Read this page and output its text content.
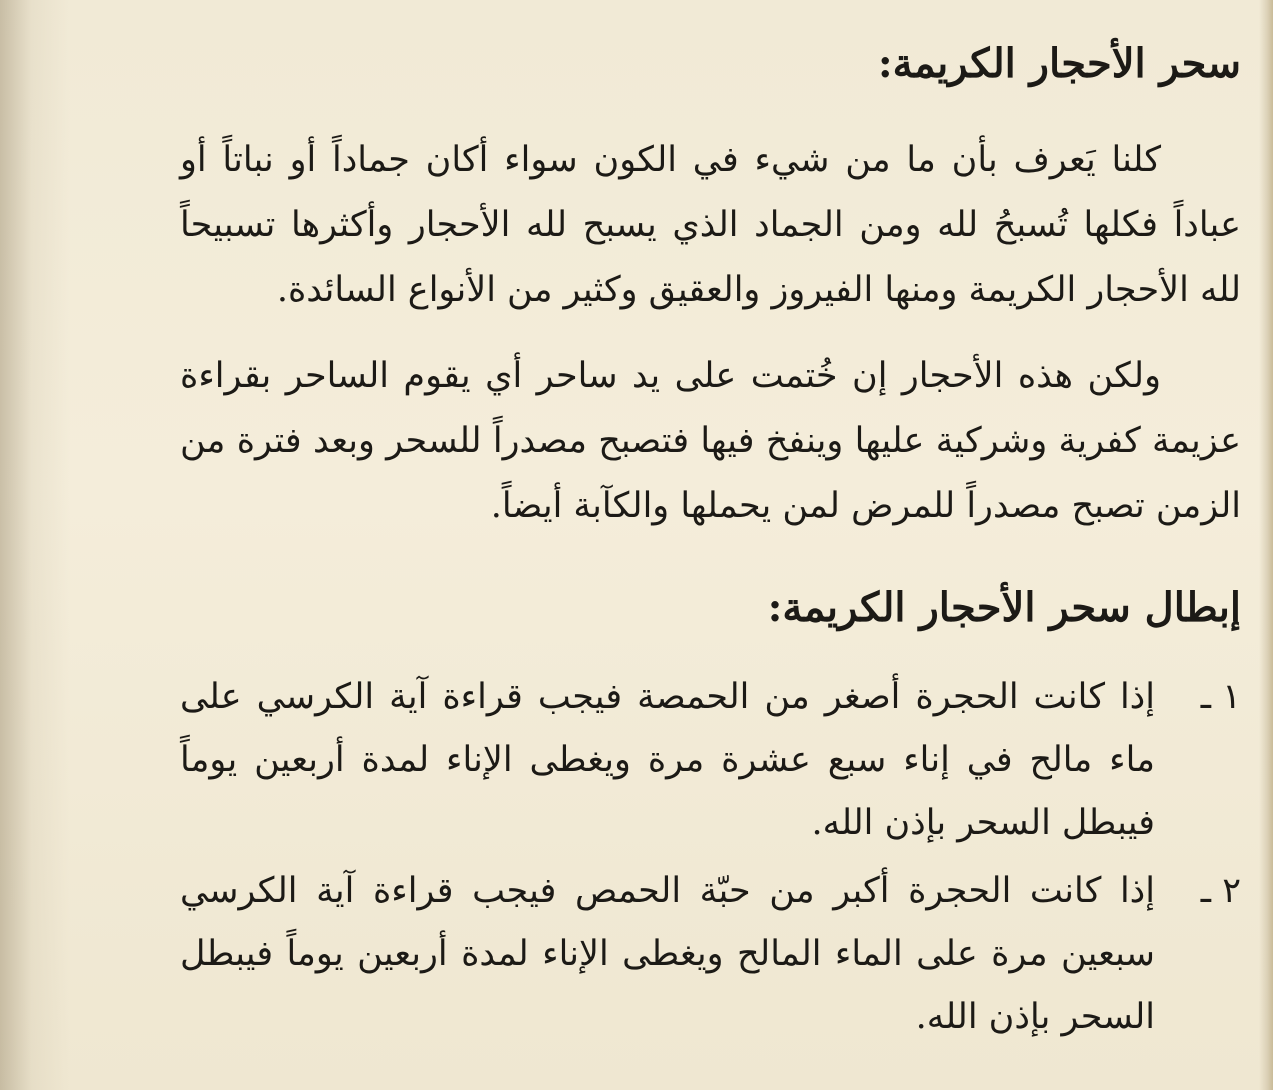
سحر الأحجار الكريمة:

كلنا يَعرف بأن ما من شيء في الكون سواء أكان جماداً أو نباتاً أو عباداً فكلها تُسبحُ لله ومن الجماد الذي يسبح لله الأحجار وأكثرها تسبيحاً لله الأحجار الكريمة ومنها الفيروز والعقيق وكثير من الأنواع السائدة.

ولكن هذه الأحجار إن خُتمت على يد ساحر أي يقوم الساحر بقراءة عزيمة كفرية وشركية عليها وينفخ فيها فتصبح مصدراً للسحر وبعد فترة من الزمن تصبح مصدراً للمرض لمن يحملها والكآبة أيضاً.

إبطال سحر الأحجار الكريمة:
١ ـ
إذا كانت الحجرة أصغر من الحمصة فيجب قراءة آية الكرسي على ماء مالح في إناء سبع عشرة مرة ويغطى الإناء لمدة أربعين يوماً فيبطل السحر بإذن الله.
٢ ـ
إذا كانت الحجرة أكبر من حبّة الحمص فيجب قراءة آية الكرسي سبعين مرة على الماء المالح ويغطى الإناء لمدة أربعين يوماً فيبطل السحر بإذن الله.
